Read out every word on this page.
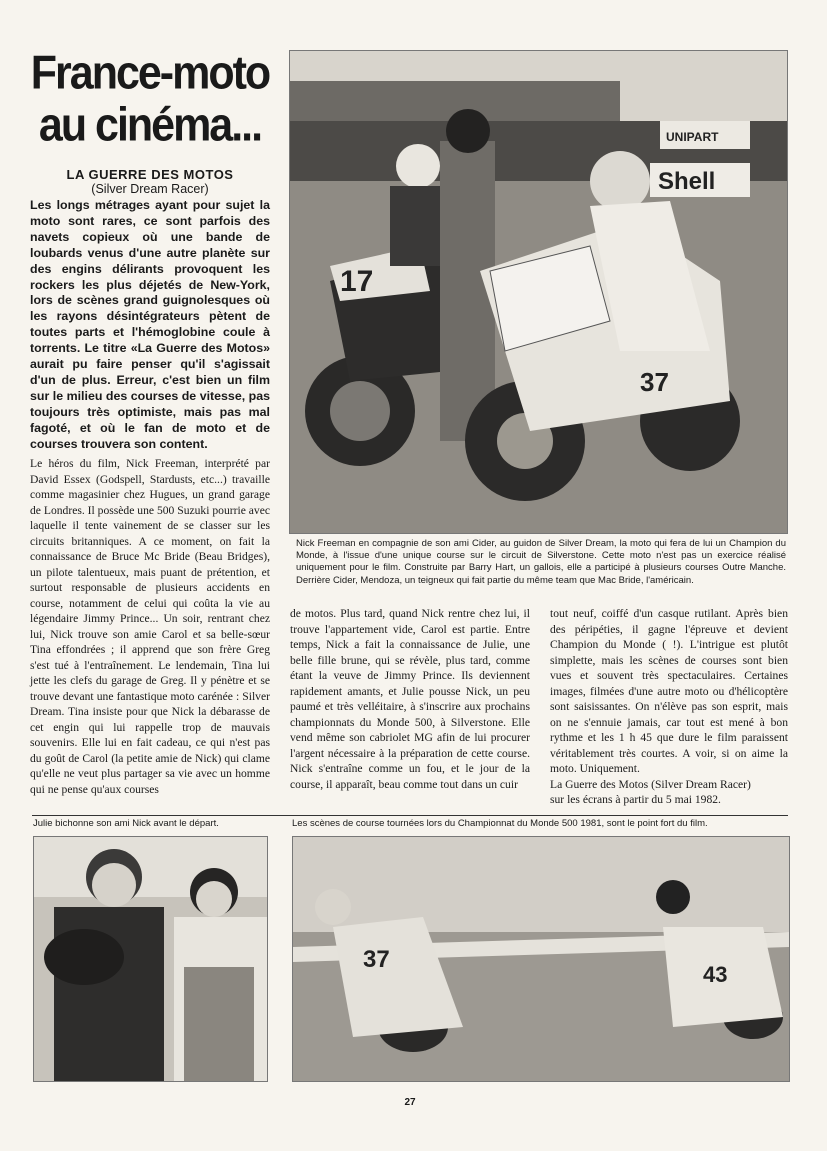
France-moto
au cinéma...
LA GUERRE DES MOTOS
(Silver Dream Racer)

Les longs métrages ayant pour sujet la moto sont rares, ce sont parfois des navets copieux où une bande de loubards venus d'une autre planète sur des engins délirants provoquent les rockers les plus déjetés de New-York, lors de scènes grand guignolesques où les rayons désintégrateurs pètent de toutes parts et l'hémoglobine coule à torrents. Le titre «La Guerre des Motos» aurait pu faire penser qu'il s'agissait d'un de plus. Erreur, c'est bien un film sur le milieu des courses de vitesse, pas toujours très optimiste, mais pas mal fagoté, et où le fan de moto et de courses trouvera son content.

Le héros du film, Nick Freeman, interprété par David Essex (Godspell, Stardusts, etc...) travaille comme magasinier chez Hugues, un grand garage de Londres. Il possède une 500 Suzuki pourrie avec laquelle il tente vainement de se classer sur les circuits britanniques. A ce moment, on fait la connaissance de Bruce Mc Bride (Beau Bridges), un pilote talentueux, mais puant de prétention, et surtout responsable de plusieurs accidents en course, notamment de celui qui coûta la vie au légendaire Jimmy Prince... Un soir, rentrant chez lui, Nick trouve son amie Carol et sa belle-sœur Tina effondrées ; il apprend que son frère Greg s'est tué à l'entraînement. Le lendemain, Tina lui jette les clefs du garage de Greg. Il y pénètre et se trouve devant une fantastique moto carénée : Silver Dream. Tina insiste pour que Nick la débarasse de cet engin qui lui rappelle trop de mauvais souvenirs. Elle lui en fait cadeau, ce qui n'est pas du goût de Carol (la petite amie de Nick) qui clame qu'elle ne veut plus partager sa vie avec un homme qui ne pense qu'aux courses

de motos. Plus tard, quand Nick rentre chez lui, il trouve l'appartement vide, Carol est partie. Entre temps, Nick a fait la connaissance de Julie, une belle fille brune, qui se révèle, plus tard, comme étant la veuve de Jimmy Prince. Ils deviennent rapidement amants, et Julie pousse Nick, un peu paumé et très velléitaire, à s'inscrire aux prochains championnats du Monde 500, à Silverstone. Elle vend même son cabriolet MG afin de lui procurer l'argent nécessaire à la préparation de cette course. Nick s'entraîne comme un fou, et le jour de la course, il apparaît, beau comme tout dans un cuir

tout neuf, coiffé d'un casque rutilant. Après bien des péripéties, il gagne l'épreuve et devient Champion du Monde ( !). L'intrigue est plutôt simplette, mais les scènes de courses sont bien vues et souvent très spectaculaires. Certaines images, filmées d'une autre moto ou d'hélicoptère sont saisissantes. On n'élève pas son esprit, mais on ne s'ennuie jamais, car tout est mené à bon rythme et les 1 h 45 que dure le film paraissent véritablement très courtes. A voir, si on aime la moto. Uniquement.

La Guerre des Motos (Silver Dream Racer)

sur les écrans à partir du 5 mai 1982.

UNIPART
Shell
17
37

Nick Freeman en compagnie de son ami Cider, au guidon de Silver Dream, la moto qui fera de lui un Champion du Monde, à l'issue d'une unique course sur le circuit de Silverstone. Cette moto n'est pas un exercice réalisé uniquement pour le film. Construite par Barry Hart, un gallois, elle a participé à plusieurs courses Outre Manche. Derrière Cider, Mendoza, un teigneux qui fait partie du même team que Mac Bride, l'américain.

Julie bichonne son ami Nick avant le départ.	Les scènes de course tournées lors du Championnat du Monde 500 1981, sont le point fort du film.
37
43
27
